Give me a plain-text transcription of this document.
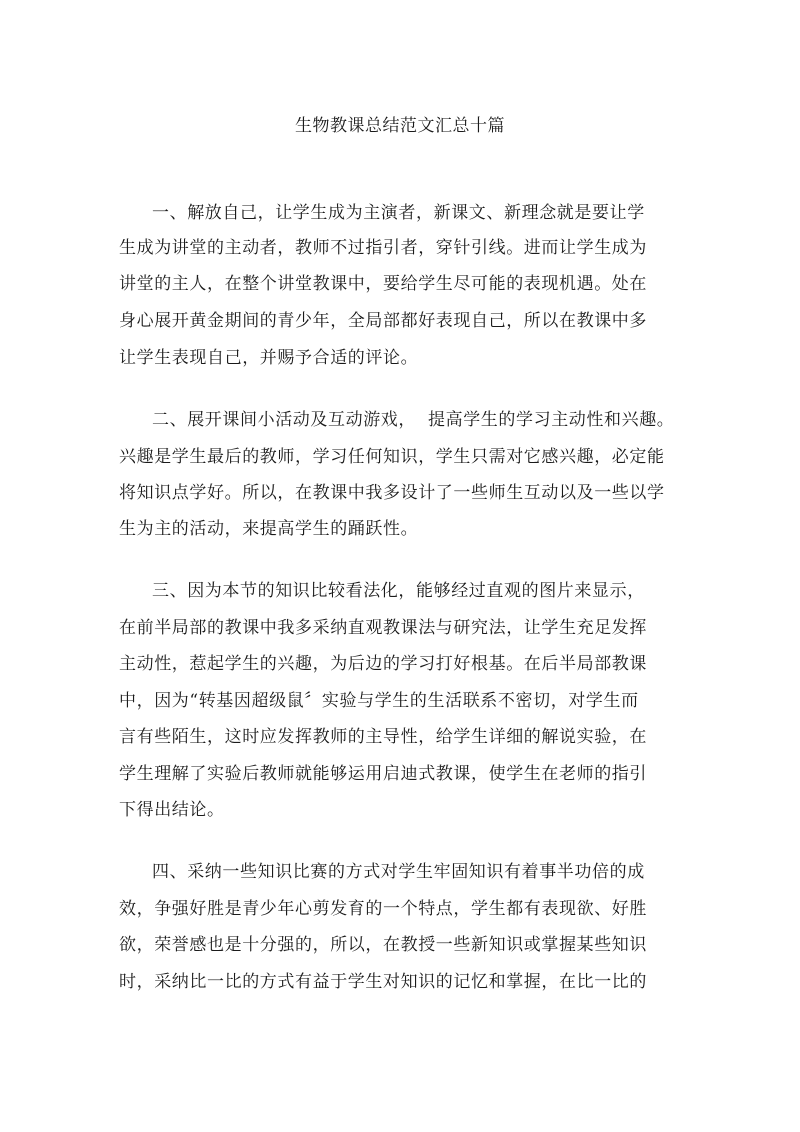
生物教课总结范文汇总十篇
一、解放自己，让学生成为主演者，新课文、新理念就是要让学
生成为讲堂的主动者，教师不过指引者，穿针引线。进而让学生成为
讲堂的主人，在整个讲堂教课中，要给学生尽可能的表现机遇。处在
身心展开黄金期间的青少年，全局部都好表现自己，所以在教课中多
让学生表现自己，并赐予合适的评论。
二、展开课间小活动及互动游戏，  提高学生的学习主动性和兴趣。
兴趣是学生最后的教师，学习任何知识，学生只需对它感兴趣，必定能
将知识点学好。所以，在教课中我多设计了一些师生互动以及一些以学
生为主的活动，来提高学生的踊跃性。
三、因为本节的知识比较看法化，能够经过直观的图片来显示，
在前半局部的教课中我多采纳直观教课法与研究法，让学生充足发挥
主动性，惹起学生的兴趣，为后边的学习打好根基。在后半局部教课
中，因为“转基因超级鼠〞实验与学生的生活联系不密切，对学生而
言有些陌生，这时应发挥教师的主导性，给学生详细的解说实验，在
学生理解了实验后教师就能够运用启迪式教课，使学生在老师的指引
下得出结论。
四、采纳一些知识比赛的方式对学生牢固知识有着事半功倍的成
效，争强好胜是青少年心剪发育的一个特点，学生都有表现欲、好胜
欲，荣誉感也是十分强的，所以，在教授一些新知识或掌握某些知识
时，采纳比一比的方式有益于学生对知识的记忆和掌握，在比一比的
